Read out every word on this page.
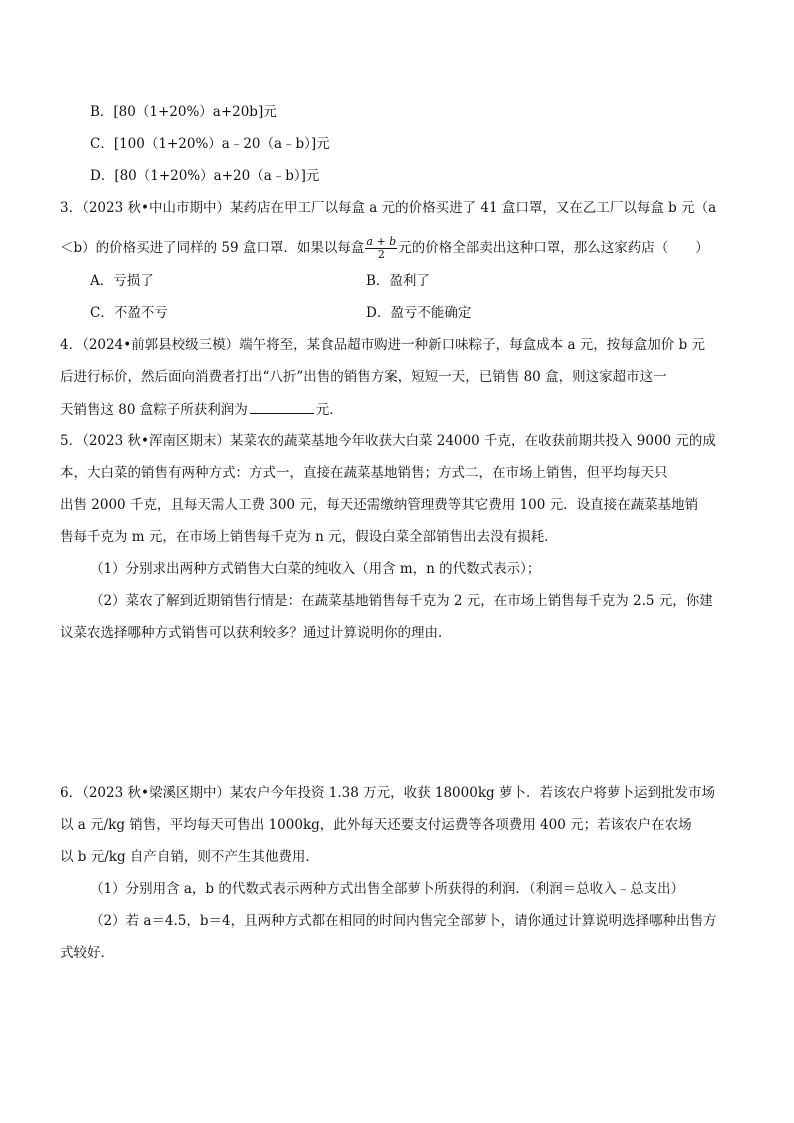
B．[80（1+20%）a+20b]元
C．[100（1+20%）a﹣20（a﹣b）]元
D．[80（1+20%）a+20（a﹣b）]元
3．（2023 秋•中山市期中）某药店在甲工厂以每盒 a 元的价格买进了 41 盒口罩，又在乙工厂以每盒 b 元（a
＜b）的价格买进了同样的 59 盒口罩．如果以每盒 $\frac{a + b}{2}$ 元的价格全部卖出这种口罩，那么这家药店（　　）
A．亏损了	B．盈利了
C．不盈不亏	D．盈亏不能确定
4．（2024•前郭县校级三模）端午将至，某食品超市购进一种新口味粽子，每盒成本 a 元，按每盒加价 b 元
后进行标价，然后面向消费者打出“八折”出售的销售方案，短短一天，已销售 80 盒，则这家超市这一
天销售这 80 盒粽子所获利润为	元．
5．（2023 秋•浑南区期末）某菜农的蔬菜基地今年收获大白菜 24000 千克，在收获前期共投入 9000 元的成
本，大白菜的销售有两种方式：方式一，直接在蔬菜基地销售；方式二，在市场上销售，但平均每天只
出售 2000 千克，且每天需人工费 300 元，每天还需缴纳管理费等其它费用 100 元．设直接在蔬菜基地销
售每千克为 m 元，在市场上销售每千克为 n 元，假设白菜全部销售出去没有损耗．
（1）分别求出两种方式销售大白菜的纯收入（用含 m，n 的代数式表示）；
（2）菜农了解到近期销售行情是：在蔬菜基地销售每千克为 2 元，在市场上销售每千克为 2.5 元，你建
议菜农选择哪种方式销售可以获利较多？通过计算说明你的理由．
6．（2023 秋•梁溪区期中）某农户今年投资 1.38 万元，收获 18000kg 萝卜．若该农户将萝卜运到批发市场
以 a 元/kg 销售，平均每天可售出 1000kg，此外每天还要支付运费等各项费用 400 元；若该农户在农场
以 b 元/kg 自产自销，则不产生其他费用．
（1）分别用含 a，b 的代数式表示两种方式出售全部萝卜所获得的利润．（利润＝总收入﹣总支出）
（2）若 a＝4.5，b＝4，且两种方式都在相同的时间内售完全部萝卜，请你通过计算说明选择哪种出售方
式较好．
